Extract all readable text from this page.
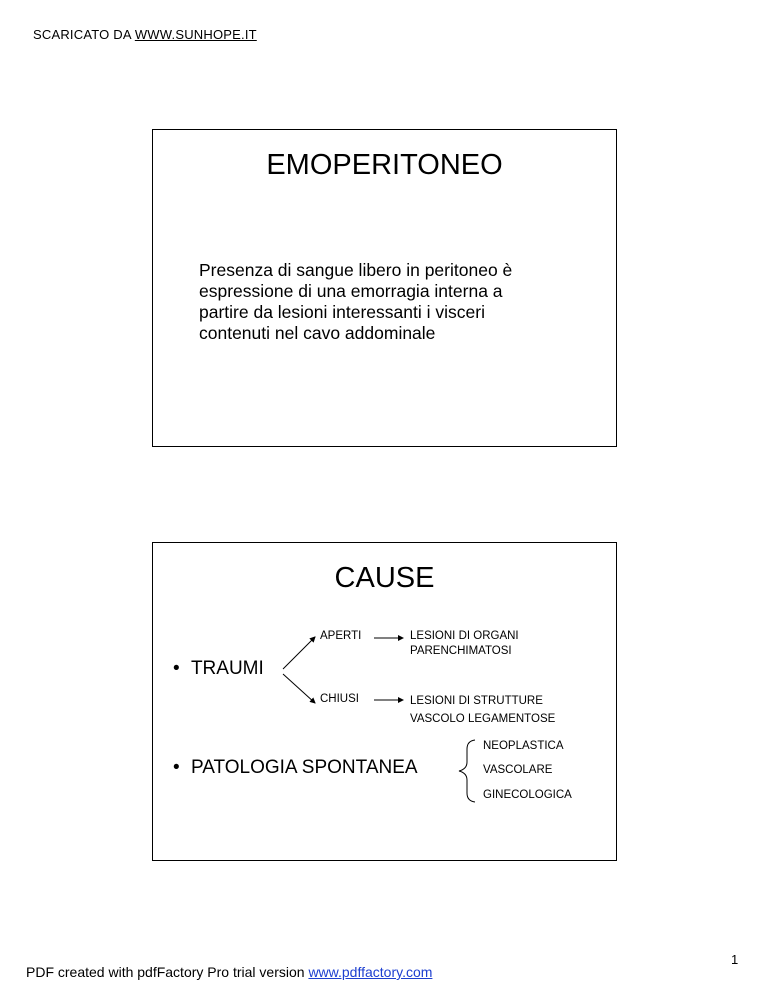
SCARICATO DA WWW.SUNHOPE.IT
EMOPERITONEO
Presenza di sangue libero in peritoneo è
espressione di una emorragia interna a
partire da lesioni interessanti i visceri
contenuti nel cavo addominale
CAUSE
• TRAUMI
APERTI	LESIONI DI ORGANI
PARENCHIMATOSI
CHIUSI	LESIONI DI STRUTTURE
VASCOLO LEGAMENTOSE
• PATOLOGIA SPONTANEA
NEOPLASTICA
VASCOLARE
GINECOLOGICA
PDF created with pdfFactory Pro trial version www.pdffactory.com
1
